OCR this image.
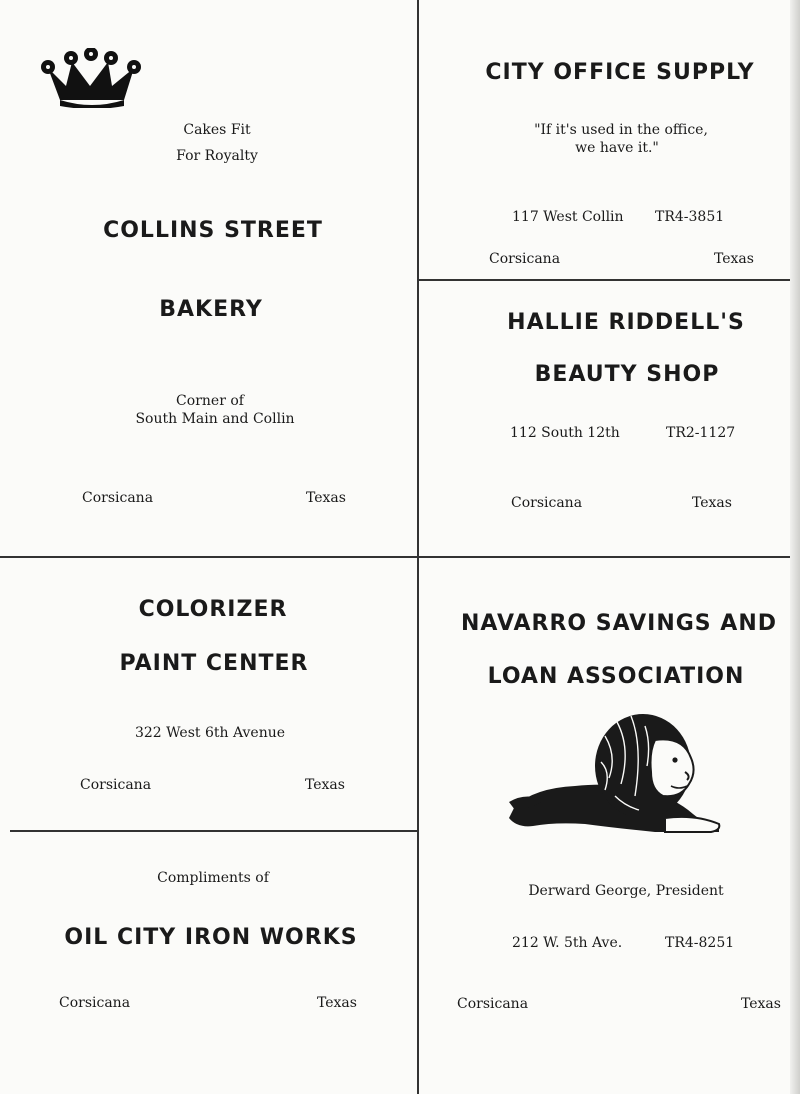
Cakes Fit
For Royalty
COLLINS STREET
BAKERY
Corner of
South Main and Collin
Corsicana	Texas
CITY OFFICE SUPPLY
"If it's used in the office,
we have it."
117 West Collin TR4-3851
Corsicana	Texas
HALLIE RIDDELL'S
BEAUTY SHOP
112 South 12th	TR2-1127
Corsicana	Texas
COLORIZER
PAINT CENTER
322 West 6th Avenue
Corsicana	Texas
NAVARRO SAVINGS AND
LOAN ASSOCIATION
Derward George, President
212 W. 5th Ave.	TR4-8251
Corsicana	Texas
Compliments of
OIL CITY IRON WORKS
Corsicana	Texas
